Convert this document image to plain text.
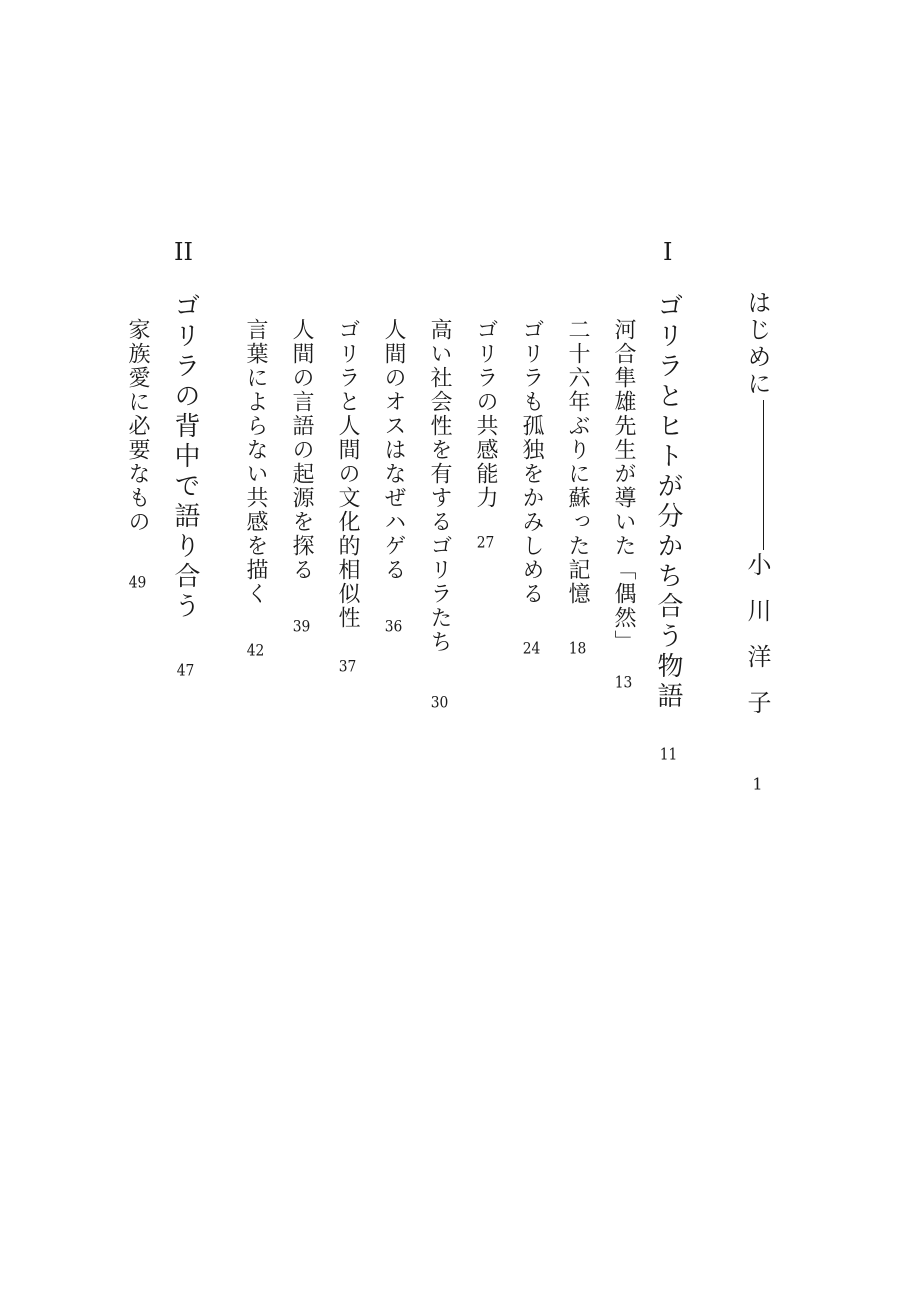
はじめに小川洋子1
I
ゴリラとヒトが分かち合う物語11
河合隼雄先生が導いた「偶然」13
二十六年ぶりに蘇った記憶18
ゴリラも孤独をかみしめる24
ゴリラの共感能力27
高い社会性を有するゴリラたち30
人間のオスはなぜハゲる36
ゴリラと人間の文化的相似性37
人間の言語の起源を探る39
言葉によらない共感を描く42
II
ゴリラの背中で語り合う47
家族愛に必要なもの49
